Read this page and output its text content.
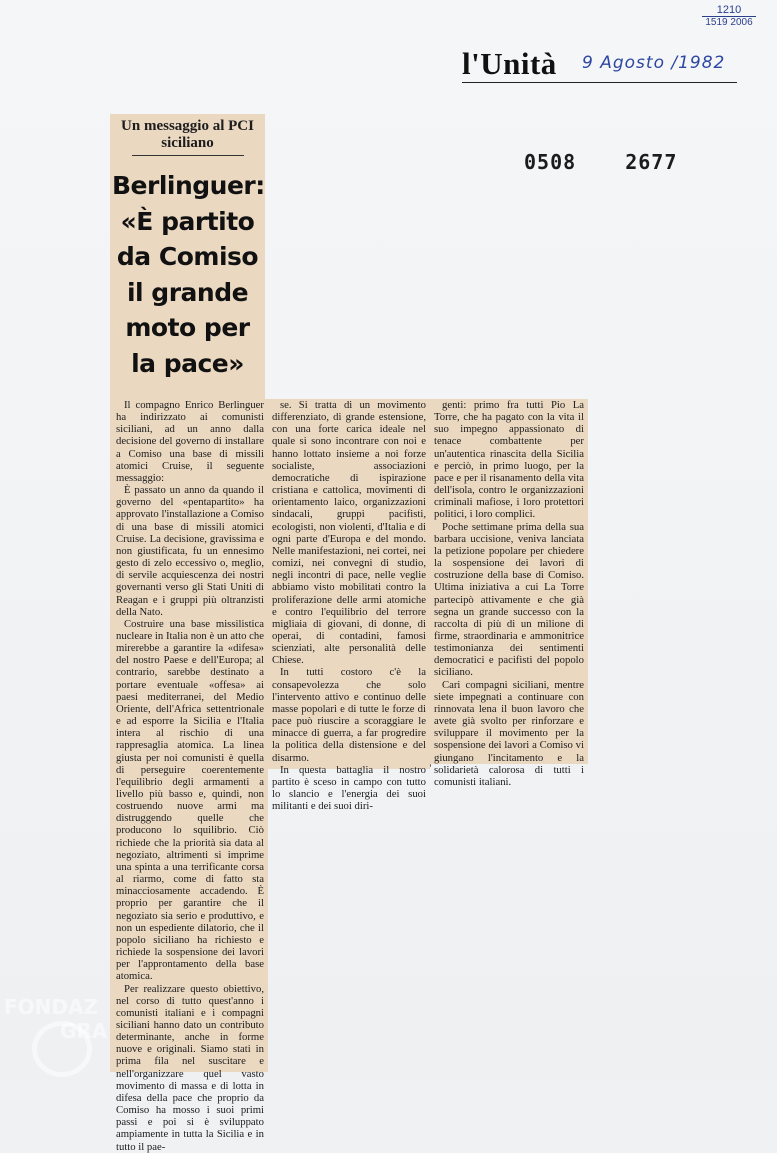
1210
1519 2006
l'Unità 9 Agosto /1982
0508 2677
Un messaggio al PCI siciliano
Berlinguer: «È partito da Comiso il grande moto per la pace»

Il compagno Enrico Berlinguer ha indirizzato ai comunisti siciliani, ad un anno dalla decisione del governo di installare a Comiso una base di missili atomici Cruise, il seguente messaggio:

È passato un anno da quando il governo del «pentapartito» ha approvato l'installazione a Comiso di una base di missili atomici Cruise. La decisione, gravissima e non giustificata, fu un ennesimo gesto di zelo eccessivo o, meglio, di servile acquiescenza dei nostri governanti verso gli Stati Uniti di Reagan e i gruppi più oltranzisti della Nato.

Costruire una base missilistica nucleare in Italia non è un atto che mirerebbe a garantire la «difesa» del nostro Paese e dell'Europa; al contrario, sarebbe destinato a portare eventuale «offesa» ai paesi mediterranei, del Medio Oriente, dell'Africa settentrionale e ad esporre la Sicilia e l'Italia intera al rischio di una rappresaglia atomica. La linea giusta per noi comunisti è quella di perseguire coerentemente l'equilibrio degli armamenti a livello più basso e, quindi, non costruendo nuove armi ma distruggendo quelle che producono lo squilibrio. Ciò richiede che la priorità sia data al negoziato, altrimenti si imprime una spinta a una terrificante corsa al riarmo, come di fatto sta minacciosamente accadendo. È proprio per garantire che il negoziato sia serio e produttivo, e non un espediente dilatorio, che il popolo siciliano ha richiesto e richiede la sospensione dei lavori per l'approntamento della base atomica.

Per realizzare questo obiettivo, nel corso di tutto quest'anno i comunisti italiani e i compagni siciliani hanno dato un contributo determinante, anche in forme nuove e originali. Siamo stati in prima fila nel suscitare e nell'organizzare quel vasto movimento di massa e di lotta in difesa della pace che proprio da Comiso ha mosso i suoi primi passi e poi si è sviluppato ampiamente in tutta la Sicilia e in tutto il pae-

se. Si tratta di un movimento differenziato, di grande estensione, con una forte carica ideale nel quale si sono incontrare con noi e hanno lottato insieme a noi forze socialiste, associazioni democratiche di ispirazione cristiana e cattolica, movimenti di orientamento laico, organizzazioni sindacali, gruppi pacifisti, ecologisti, non violenti, d'Italia e di ogni parte d'Europa e del mondo. Nelle manifestazioni, nei cortei, nei comizi, nei convegni di studio, negli incontri di pace, nelle veglie abbiamo visto mobilitati contro la proliferazione delle armi atomiche e contro l'equilibrio del terrore migliaia di giovani, di donne, di operai, di contadini, famosi scienziati, alte personalità delle Chiese.

In tutti costoro c'è la consapevolezza che solo l'intervento attivo e continuo delle masse popolari e di tutte le forze di pace può riuscire a scoraggiare le minacce di guerra, a far progredire la politica della distensione e del disarmo.

In questa battaglia il nostro partito è sceso in campo con tutto lo slancio e l'energia dei suoi militanti e dei suoi diri-

genti: primo fra tutti Pio La Torre, che ha pagato con la vita il suo impegno appassionato di tenace combattente per un'autentica rinascita della Sicilia e perciò, in primo luogo, per la pace e per il risanamento della vita dell'isola, contro le organizzazioni criminali mafiose, i loro protettori politici, i loro complici.

Poche settimane prima della sua barbara uccisione, veniva lanciata la petizione popolare per chiedere la sospensione dei lavori di costruzione della base di Comiso. Ultima iniziativa a cui La Torre partecipò attivamente e che già segna un grande successo con la raccolta di più di un milione di firme, straordinaria e ammonitrice testimonianza dei sentimenti democratici e pacifisti del popolo siciliano.

Cari compagni siciliani, mentre siete impegnati a continuare con rinnovata lena il buon lavoro che avete già svolto per rinforzare e sviluppare il movimento per la sospensione dei lavori a Comiso vi giungano l'incitamento e la solidarietà calorosa di tutti i comunisti italiani.

FONDAZ
GRA
